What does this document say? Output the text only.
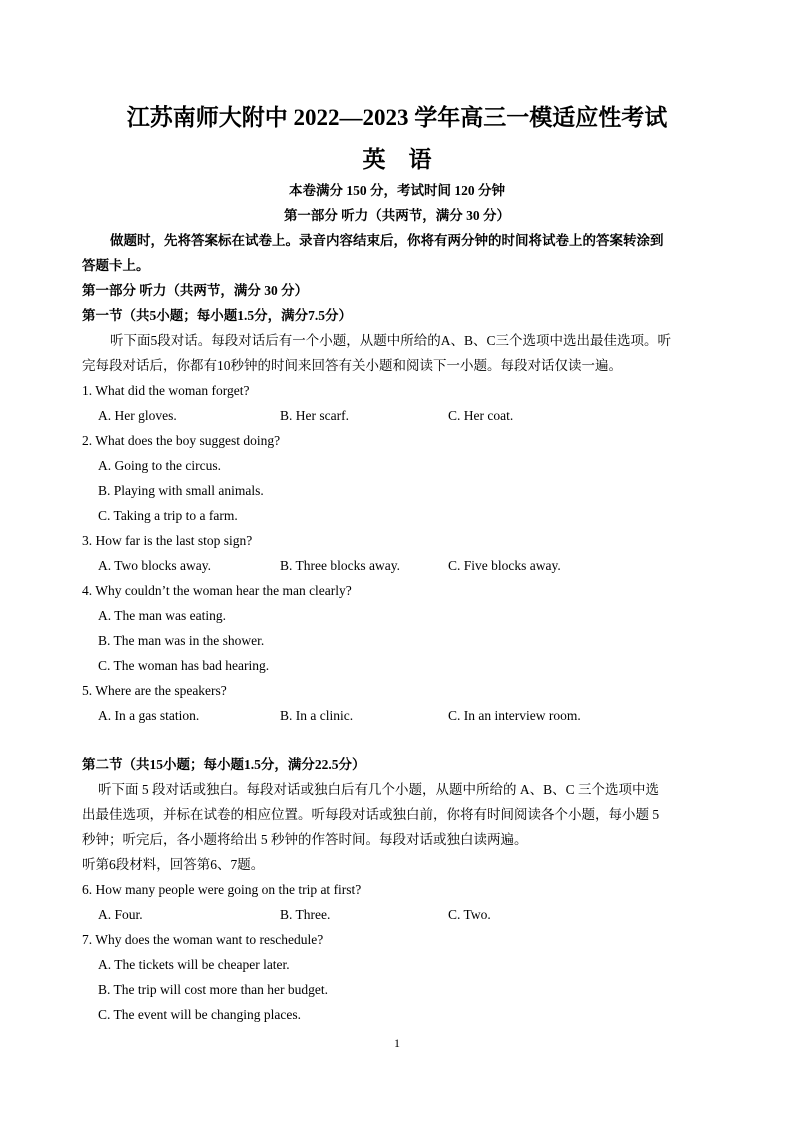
江苏南师大附中 2022—2023 学年高三一模适应性考试
英　语
本卷满分 150 分，考试时间 120 分钟
第一部分 听力（共两节，满分 30 分）
做题时，先将答案标在试卷上。录音内容结束后，你将有两分钟的时间将试卷上的答案转涂到
答题卡上。
第一部分 听力（共两节，满分 30 分）
第一节（共5小题；每小题1.5分，满分7.5分）
听下面5段对话。每段对话后有一个小题，从题中所给的A、B、C三个选项中选出最佳选项。听
完每段对话后，你都有10秒钟的时间来回答有关小题和阅读下一小题。每段对话仅读一遍。
1. What did the woman forget?
A. Her gloves.	B. Her scarf.	C. Her coat.
2. What does the boy suggest doing?
A. Going to the circus.
B. Playing with small animals.
C. Taking a trip to a farm.
3. How far is the last stop sign?
A. Two blocks away.	B. Three blocks away.	C. Five blocks away.
4. Why couldn’t the woman hear the man clearly?
A. The man was eating.
B. The man was in the shower.
C. The woman has bad hearing.
5. Where are the speakers?
A. In a gas station.	B. In a clinic.	C. In an interview room.
第二节（共15小题；每小题1.5分，满分22.5分）
听下面 5 段对话或独白。每段对话或独白后有几个小题，从题中所给的 A、B、C 三个选项中选
出最佳选项，并标在试卷的相应位置。听每段对话或独白前，你将有时间阅读各个小题，每小题 5
秒钟；听完后，各小题将给出 5 秒钟的作答时间。每段对话或独白读两遍。
听第6段材料，回答第6、7题。
6. How many people were going on the trip at first?
A. Four.	B. Three.	C. Two.
7. Why does the woman want to reschedule?
A. The tickets will be cheaper later.
B. The trip will cost more than her budget.
C. The event will be changing places.
1
